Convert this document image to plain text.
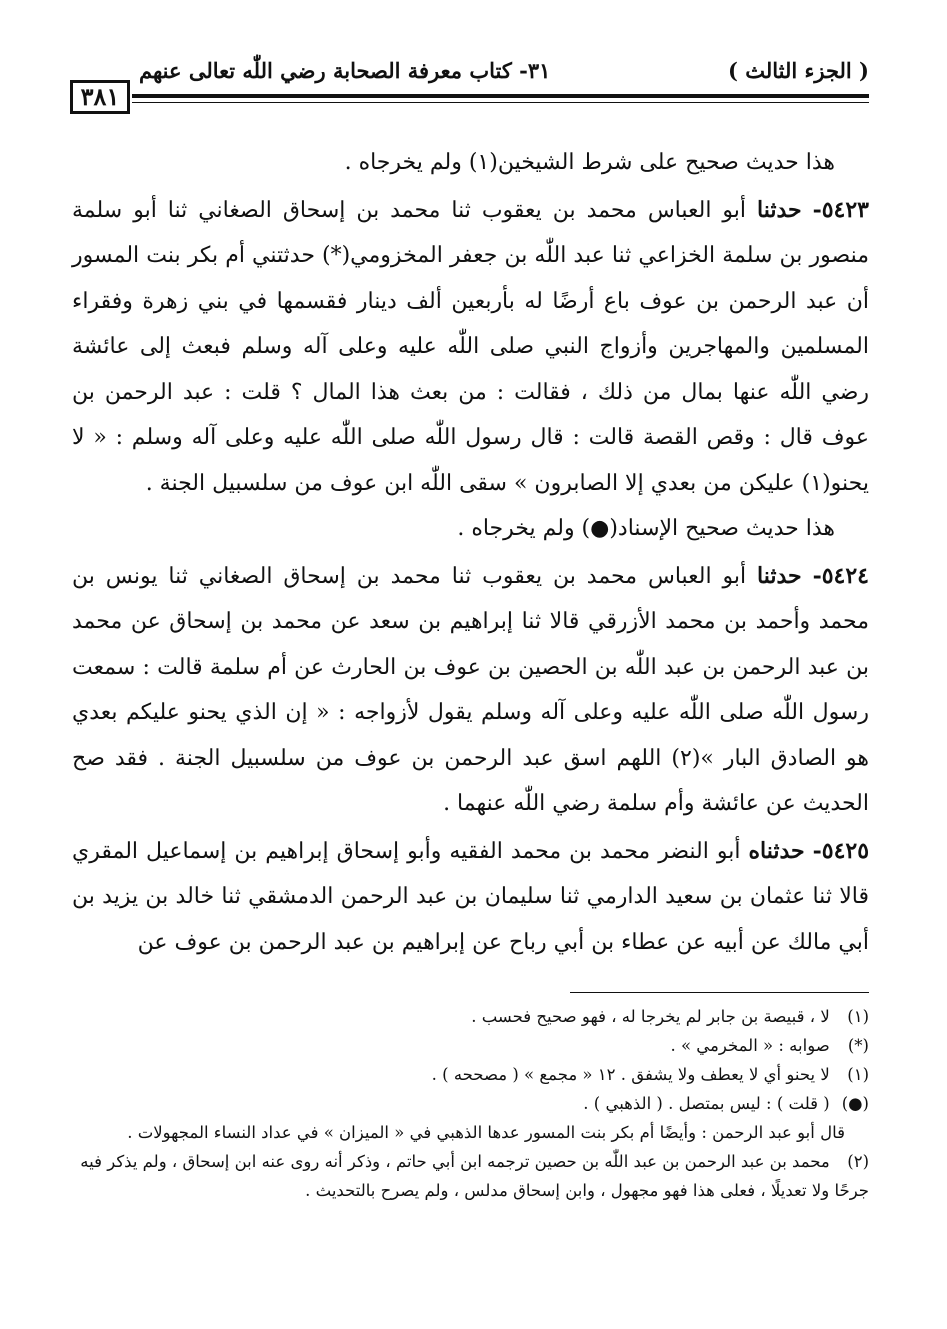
( الجزء الثالث )
٣١- كتاب معرفة الصحابة رضي اللّٰه تعالى عنهم
٣٨١

هذا حديث صحيح على شرط الشيخين(١) ولم يخرجاه .

٥٤٢٣- حدثنا أبو العباس محمد بن يعقوب ثنا محمد بن إسحاق الصغاني ثنا أبو سلمة منصور بن سلمة الخزاعي ثنا عبد اللّٰه بن جعفر المخزومي(*) حدثتني أم بكر بنت المسور أن عبد الرحمن بن عوف باع أرضًا له بأربعين ألف دينار فقسمها في بني زهرة وفقراء المسلمين والمهاجرين وأزواج النبي صلى اللّٰه عليه وعلى آله وسلم فبعث إلى عائشة رضي اللّٰه عنها بمال من ذلك ، فقالت : من بعث هذا المال ؟ قلت : عبد الرحمن بن عوف قال : وقص القصة قالت : قال رسول اللّٰه صلى اللّٰه عليه وعلى آله وسلم : « لا يحنو(١) عليكن من بعدي إلا الصابرون » سقى اللّٰه ابن عوف من سلسبيل الجنة .

هذا حديث صحيح الإسناد(●) ولم يخرجاه .

٥٤٢٤- حدثنا أبو العباس محمد بن يعقوب ثنا محمد بن إسحاق الصغاني ثنا يونس بن محمد وأحمد بن محمد الأزرقي قالا ثنا إبراهيم بن سعد عن محمد بن إسحاق عن محمد بن عبد الرحمن بن عبد اللّٰه بن الحصين بن عوف بن الحارث عن أم سلمة قالت : سمعت رسول اللّٰه صلى اللّٰه عليه وعلى آله وسلم يقول لأزواجه : « إن الذي يحنو عليكم بعدي هو الصادق البار »(٢) اللهم اسق عبد الرحمن بن عوف من سلسبيل الجنة . فقد صح الحديث عن عائشة وأم سلمة رضي اللّٰه عنهما .

٥٤٢٥- حدثناه أبو النضر محمد بن محمد الفقيه وأبو إسحاق إبراهيم بن إسماعيل المقري قالا ثنا عثمان بن سعيد الدارمي ثنا سليمان بن عبد الرحمن الدمشقي ثنا خالد بن يزيد بن أبي مالك عن أبيه عن عطاء بن أبي رباح عن إبراهيم بن عبد الرحمن بن عوف عن

(١) لا ، قبيصة بن جابر لم يخرجا له ، فهو صحيح فحسب .

(*) صوابه : « المخرمي » .

(١) لا يحنو أي لا يعطف ولا يشفق . ١٢ « مجمع » ( مصححه ) .

(●) ( قلت ) : ليس بمتصل . ( الذهبي ) .

قال أبو عبد الرحمن : وأيضًا أم بكر بنت المسور عدها الذهبي في « الميزان » في عداد النساء المجهولات .

(٢) محمد بن عبد الرحمن بن عبد اللّٰه بن حصين ترجمه ابن أبي حاتم ، وذكر أنه روى عنه ابن إسحاق ، ولم يذكر فيه جرحًا ولا تعديلًا ، فعلى هذا فهو مجهول ، وابن إسحاق مدلس ، ولم يصرح بالتحديث .
